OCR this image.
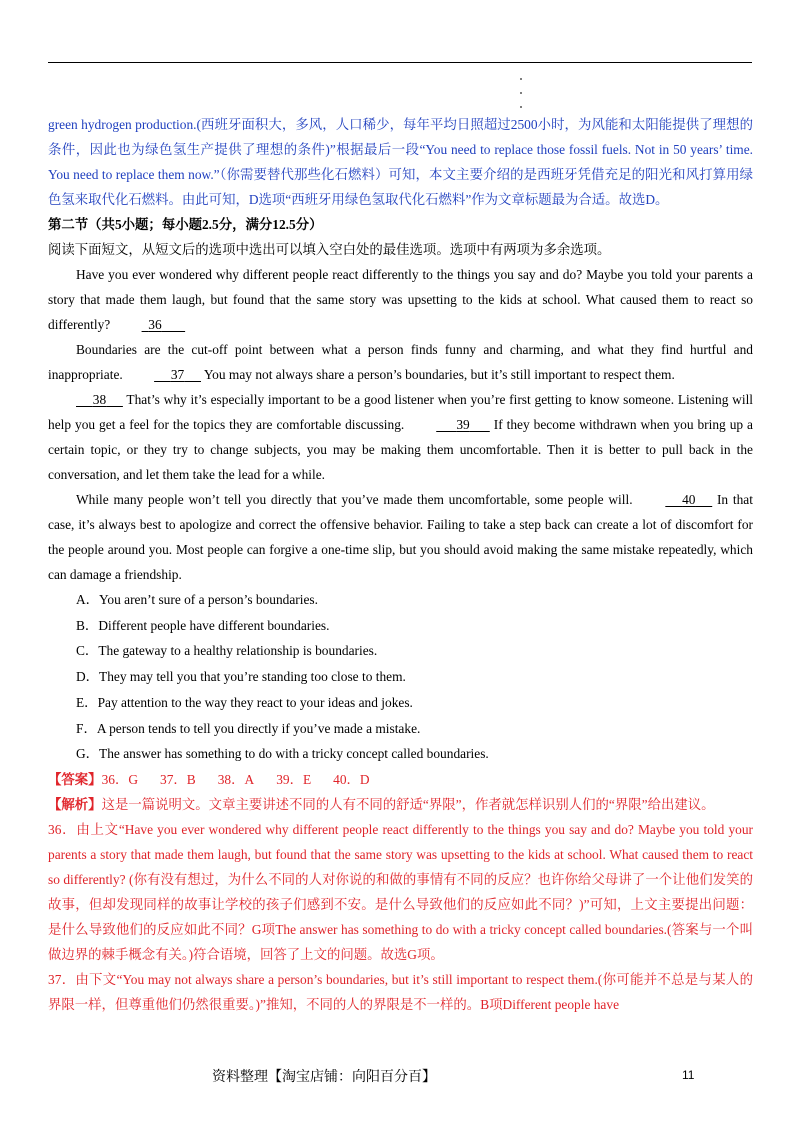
green hydrogen production.(西班牙面积大，多风，人口稀少，每年平均日照超过2500小时，为风能和太阳能提供了理想的条件，因此也为绿色氢生产提供了理想的条件)”根据最后一段“You need to replace those fossil fuels. Not in 50 years’ time. You need to replace them now.”（你需要替代那些化石燃料）可知，本文主要介绍的是西班牙凭借充足的阳光和风打算用绿色氢来取代化石燃料。由此可知，D选项“西班牙用绿色氢取代化石燃料”作为文章标题最为合适。故选D。

第二节（共5小题；每小题2.5分，满分12.5分）

阅读下面短文，从短文后的选项中选出可以填入空白处的最佳选项。选项中有两项为多余选项。

Have you ever wondered why different people react differently to the things you say and do? Maybe you told your parents a story that made them laugh, but found that the same story was upsetting to the kids at school. What caused them to react so differently?	36

Boundaries are the cut-off point between what a person finds funny and charming, and what they find hurtful and inappropriate.	37 You may not always share a person’s boundaries, but it’s still important to respect them.

38 That’s why it’s especially important to be a good listener when you’re first getting to know someone. Listening will help you get a feel for the topics they are comfortable discussing.	39 If they become withdrawn when you bring up a certain topic, or they try to change subjects, you may be making them uncomfortable. Then it is better to pull back in the conversation, and let them take the lead for a while.

While many people won’t tell you directly that you’ve made them uncomfortable, some people will.	40 In that case, it’s always best to apologize and correct the offensive behavior. Failing to take a step back can create a lot of discomfort for the people around you. Most people can forgive a one-time slip, but you should avoid making the same mistake repeatedly, which can damage a friendship.

A．You aren’t sure of a person’s boundaries.

B．Different people have different boundaries.

C．The gateway to a healthy relationship is boundaries.

D．They may tell you that you’re standing too close to them.

E．Pay attention to the way they react to your ideas and jokes.

F．A person tends to tell you directly if you’ve made a mistake.

G．The answer has something to do with a tricky concept called boundaries.

【答案】36．G 37．B 38．A 39．E 40．D

【解析】这是一篇说明文。文章主要讲述不同的人有不同的舒适“界限”，作者就怎样识别人们的“界限”给出建议。

36．由上文“Have you ever wondered why different people react differently to the things you say and do? Maybe you told your parents a story that made them laugh, but found that the same story was upsetting to the kids at school. What caused them to react so differently? (你有没有想过，为什么不同的人对你说的和做的事情有不同的反应？也许你给父母讲了一个让他们发笑的故事，但却发现同样的故事让学校的孩子们感到不安。是什么导致他们的反应如此不同？)”可知，上文主要提出问题：是什么导致他们的反应如此不同？G项The answer has something to do with a tricky concept called boundaries.(答案与一个叫做边界的棘手概念有关。)符合语境，回答了上文的问题。故选G项。

37．由下文“You may not always share a person’s boundaries, but it’s still important to respect them.(你可能并不总是与某人的界限一样，但尊重他们仍然很重要。)”推知，不同的人的界限是不一样的。B项Different people have

资料整理【淘宝店铺：向阳百分百】	11
